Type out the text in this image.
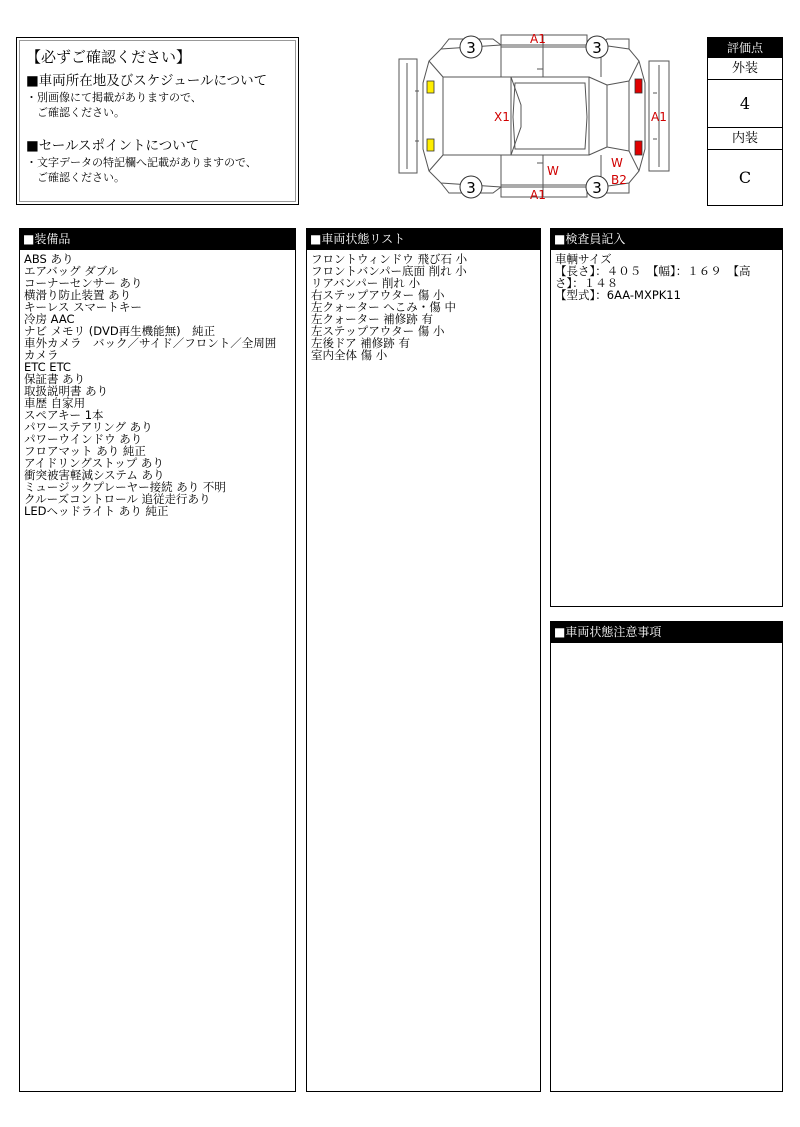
【必ずご確認ください】
■車両所在地及びスケジュールについて

・別画像にて掲載がありますので、

　ご確認ください。

■セールスポイントについて

・文字データの特記欄へ記載がありますので、

　ご確認ください。

3	3
3	3
A1
A1
A1
X1
W
W
B2
評価点
外装
4
内装
C
■装備品
ABS あり
エアバッグ ダブル
コーナーセンサー あり
横滑り防止装置 あり
キーレス スマートキー
冷房 AAC
ナビ メモリ (DVD再生機能無)　純正
車外カメラ　バック／サイド／フロント／全周囲
カメラ
ETC ETC
保証書 あり
取扱説明書 あり
車歴 自家用
スペアキー 1本
パワーステアリング あり
パワーウインドウ あり
フロアマット あり 純正
アイドリングストップ あり
衝突被害軽減システム あり
ミュージックプレーヤー接続 あり 不明
クルーズコントロール 追従走行あり
LEDヘッドライト あり 純正
■車両状態リスト
フロントウィンドウ 飛び石 小
フロントバンパー底面 削れ 小
リアバンパー 削れ 小
右ステップアウター 傷 小
左クォーター へこみ・傷 中
左クォーター 補修跡 有
左ステップアウター 傷 小
左後ドア 補修跡 有
室内全体 傷 小
■検査員記入
車輌サイズ
【長さ】：４０５　【幅】：１６９　【高さ】：１４８
【型式】：6AA-MXPK11
■車両状態注意事項
